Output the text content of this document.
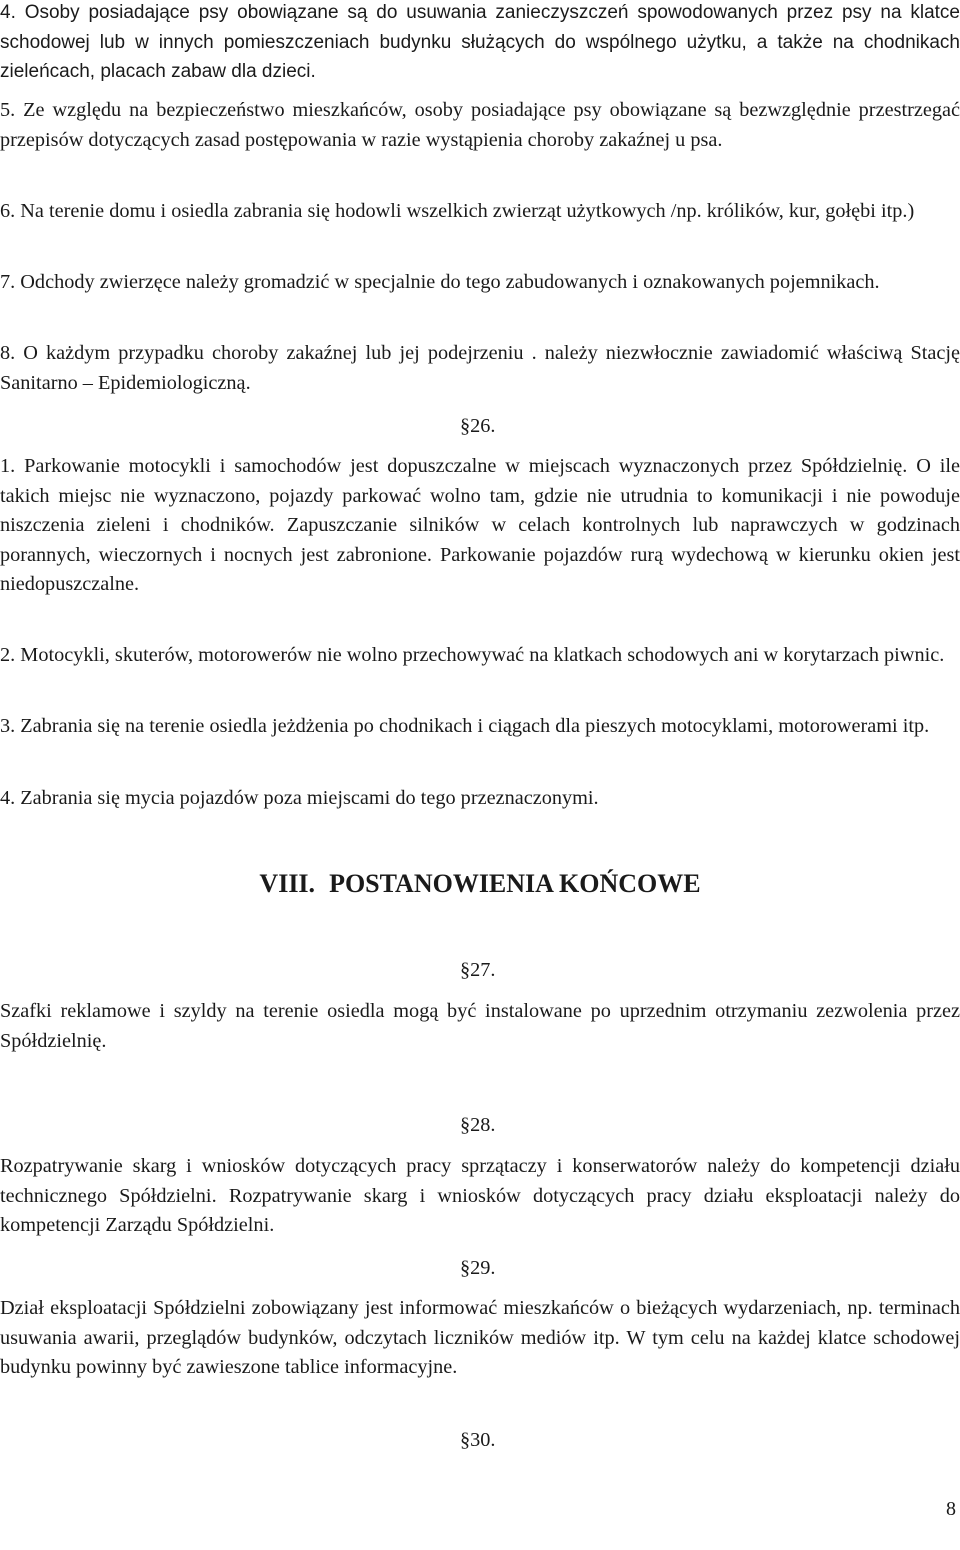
4. Osoby posiadające psy obowiązane są do usuwania zanieczyszczeń spowodowanych przez psy na klatce schodowej lub w innych pomieszczeniach budynku służących do wspólnego użytku, a także na chodnikach zieleńcach, placach zabaw dla dzieci.

5. Ze względu na bezpieczeństwo mieszkańców, osoby posiadające psy obowiązane są bezwzględnie przestrzegać przepisów dotyczących zasad postępowania w razie wystąpienia choroby zakaźnej u psa.

6. Na terenie domu i osiedla zabrania się hodowli wszelkich zwierząt użytkowych /np. królików, kur, gołębi itp.)

7. Odchody zwierzęce należy gromadzić w specjalnie do tego zabudowanych i oznakowanych pojemnikach.

8. O każdym przypadku choroby zakaźnej lub jej podejrzeniu . należy niezwłocznie zawiadomić właściwą Stację Sanitarno – Epidemiologiczną.

§26.

1. Parkowanie motocykli i samochodów jest dopuszczalne w miejscach wyznaczonych przez Spółdzielnię. O ile takich miejsc nie wyznaczono, pojazdy parkować wolno tam, gdzie nie utrudnia to komunikacji i nie powoduje niszczenia zieleni i chodników. Zapuszczanie silników w celach kontrolnych lub naprawczych w godzinach porannych, wieczornych i nocnych jest zabronione. Parkowanie pojazdów rurą wydechową w kierunku okien jest niedopuszczalne.

2. Motocykli, skuterów, motorowerów nie wolno przechowywać na klatkach schodowych ani w korytarzach piwnic.

3. Zabrania się na terenie osiedla jeżdżenia po chodnikach i ciągach dla pieszych motocyklami, motorowerami itp.

4. Zabrania się mycia pojazdów poza miejscami do tego przeznaczonymi.

VIII. POSTANOWIENIA KOŃCOWE

§27.

Szafki reklamowe i szyldy na terenie osiedla mogą być instalowane po uprzednim otrzymaniu zezwolenia przez Spółdzielnię.

§28.

Rozpatrywanie skarg i wniosków dotyczących pracy sprzątaczy i konserwatorów należy do kompetencji działu technicznego Spółdzielni. Rozpatrywanie skarg i wniosków dotyczących pracy działu eksploatacji należy do kompetencji Zarządu Spółdzielni.

§29.

Dział eksploatacji Spółdzielni zobowiązany jest informować mieszkańców o bieżących wydarzeniach, np. terminach usuwania awarii, przeglądów budynków, odczytach liczników mediów itp. W tym celu na każdej klatce schodowej budynku powinny być zawieszone tablice informacyjne.

§30.

8
